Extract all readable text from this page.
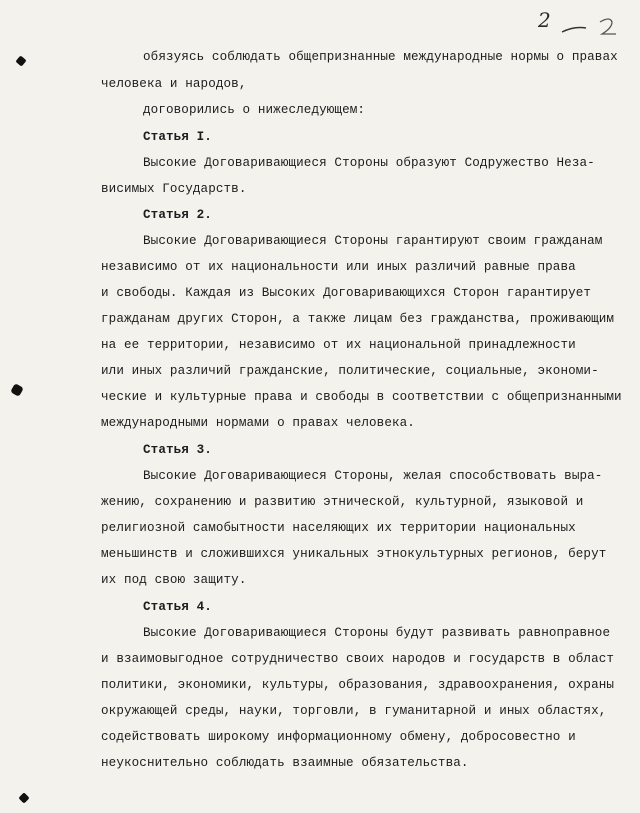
2
обязуясь соблюдать общепризнанные международные нормы о правах
человека и народов,
договорились о нижеследующем:
Статья I.
Высокие Договаривающиеся Стороны образуют Содружество Неза-
висимых Государств.
Статья 2.
Высокие Договаривающиеся Стороны гарантируют своим гражданам
независимо от их национальности или иных различий равные права
и свободы. Каждая из Высоких Договаривающихся Сторон гарантирует
гражданам других Сторон, а также лицам без гражданства, проживающим
на ее территории, независимо от их национальной принадлежности
или иных различий гражданские, политические, социальные, экономи-
ческие и культурные права и свободы в соответствии с общепризнанными
международными нормами о правах человека.
Статья 3.
Высокие Договаривающиеся Стороны, желая способствовать выра-
жению, сохранению и развитию этнической, культурной, языковой и
религиозной самобытности населяющих их территории национальных
меньшинств и сложившихся уникальных этнокультурных регионов, берут
их под свою защиту.
Статья 4.
Высокие Договаривающиеся Стороны будут развивать равноправное
и взаимовыгодное сотрудничество своих народов и государств в област
политики, экономики, культуры, образования, здравоохранения, охраны
окружающей среды, науки, торговли, в гуманитарной и иных областях,
содействовать широкому информационному обмену, добросовестно и
неукоснительно соблюдать взаимные обязательства.
